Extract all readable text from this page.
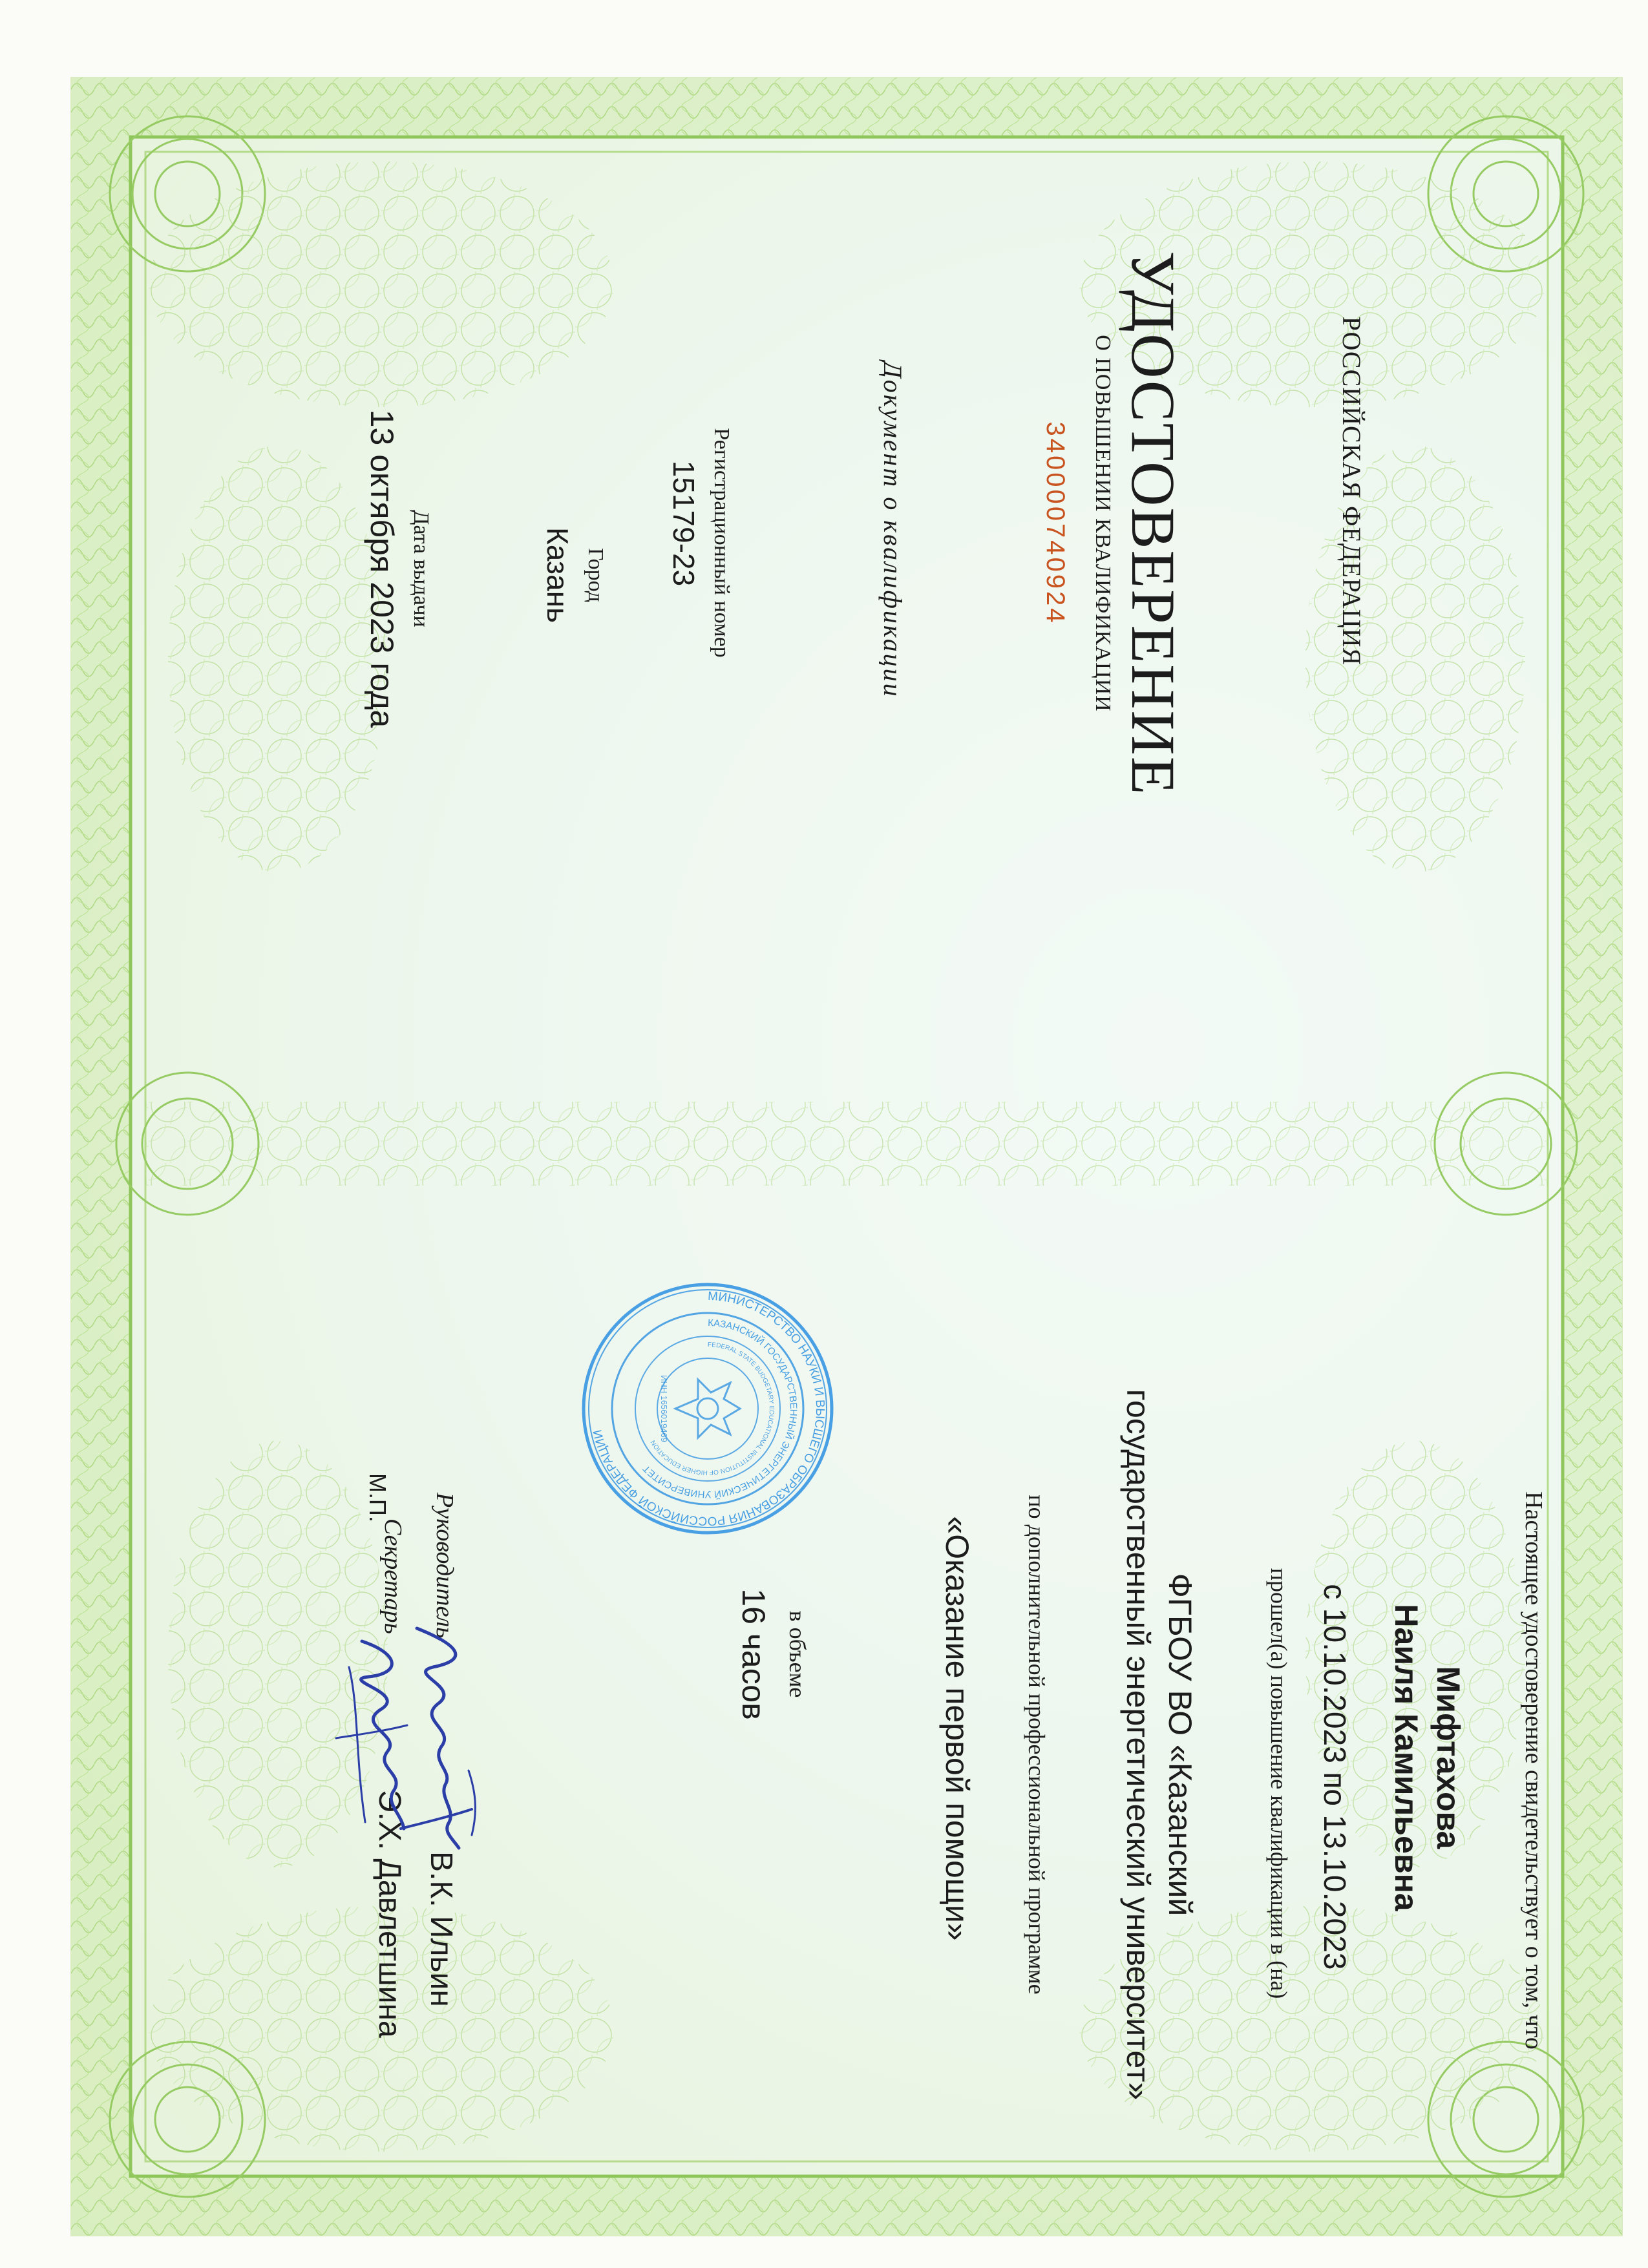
РОССИЙСКАЯ ФЕДЕРАЦИЯ
УДОСТОВЕРЕНИЕ
О ПОВЫШЕНИИ КВАЛИФИКАЦИИ
340000740924
Документ о квалификации
Регистрационный номер
15179-23
Город
Казань
Дата выдачи
13 октября 2023 года
Настоящее удостоверение свидетельствует о том, что
Мифтахова
Наиля Камильевна
с 10.10.2023 по 13.10.2023
прошел(а) повышение квалификации в (на)
ФГБОУ ВО «Казанский
государственный энергетический университет»
по дополнительной профессиональной программе
«Оказание первой помощи»
в объеме
16 часов
М.П. Руководитель
В.К. Ильин
Секретарь
Э.Х. Давлетшина
МИНИСТЕРСТВО НАУКИ И ВЫСШЕГО ОБРАЗОВАНИЯ РОССИЙСКОЙ ФЕДЕРАЦИИ
КАЗАНСКИЙ ГОСУДАРСТВЕННЫЙ ЭНЕРГЕТИЧЕСКИЙ УНИВЕРСИТЕТ
FEDERAL STATE BUDGETARY EDUCATIONAL INSTITUTION OF HIGHER EDUCATION
ИНН 1656019469
